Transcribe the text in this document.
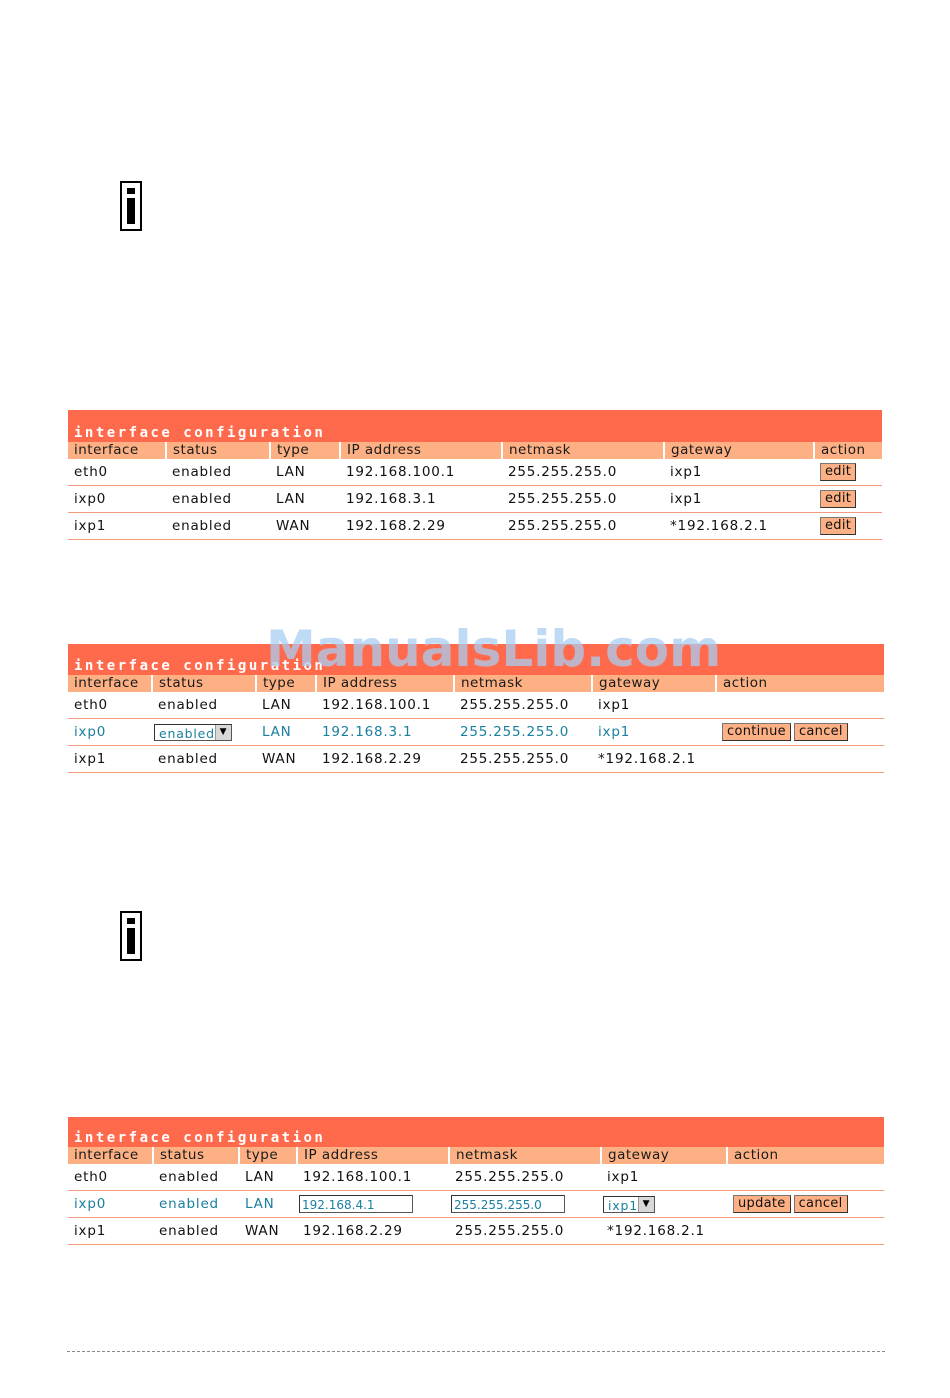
interface configuration
interface	status	type	IP address	netmask	gateway	action
eth0	enabled	LAN	192.168.100.1	255.255.255.0	ixp1	edit
ixp0	enabled	LAN	192.168.3.1	255.255.255.0	ixp1	edit
ixp1	enabled	WAN	192.168.2.29	255.255.255.0	*192.168.2.1	edit
interface configuration
interface	status	type	IP address	netmask	gateway	action
eth0	enabled	LAN	192.168.100.1	255.255.255.0	ixp1	
ixp0	enabled ▼	LAN	192.168.3.1	255.255.255.0	ixp1	continue cancel
ixp1	enabled	WAN	192.168.2.29	255.255.255.0	*192.168.2.1	
interface configuration
interface	status	type	IP address	netmask	gateway	action
eth0	enabled	LAN	192.168.100.1	255.255.255.0	ixp1	
ixp0	enabled	LAN	192.168.4.1	255.255.255.0	ixp1 ▼	update cancel
ixp1	enabled	WAN	192.168.2.29	255.255.255.0	*192.168.2.1	
ManualsLib.com
